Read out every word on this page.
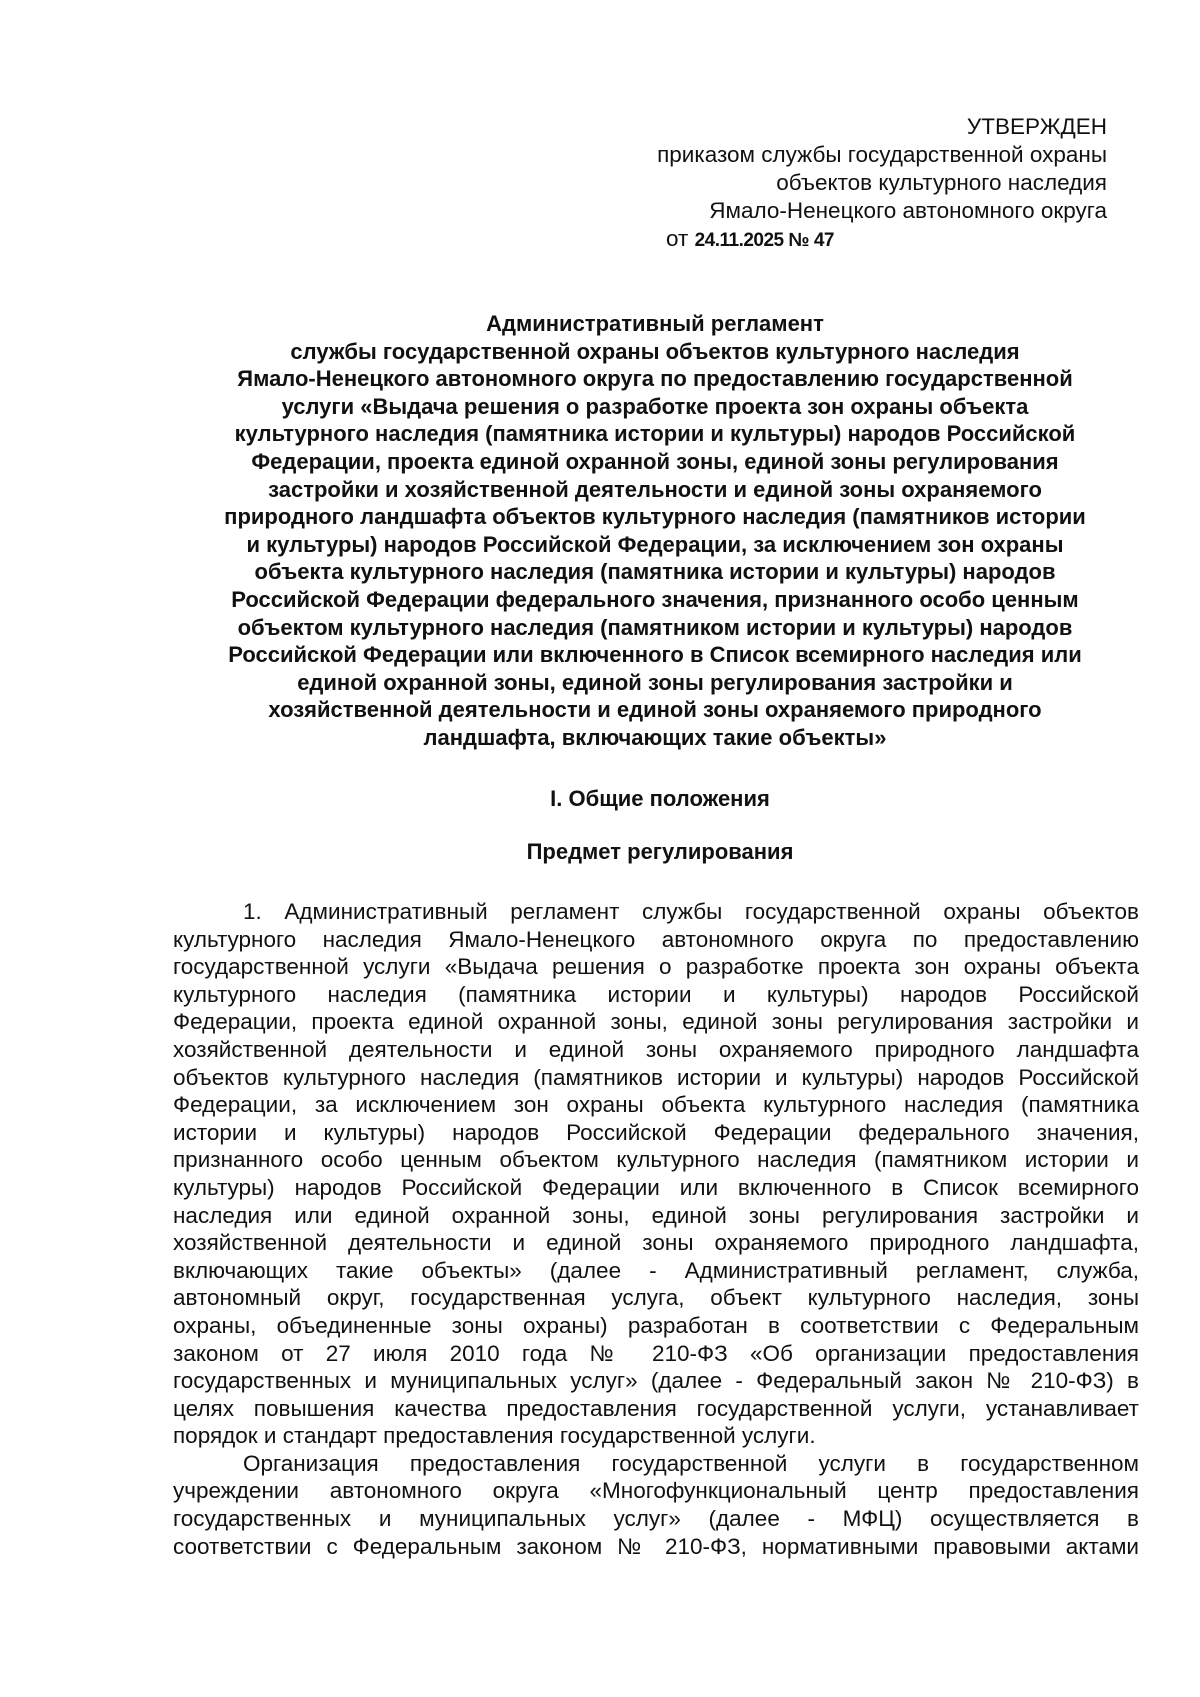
УТВЕРЖДЕН
приказом службы государственной охраны
объектов культурного наследия
Ямало-Ненецкого автономного округа
от 24.11.2025 № 47
Административный регламент
службы государственной охраны объектов культурного наследия
Ямало-Ненецкого автономного округа по предоставлению государственной
услуги «Выдача решения о разработке проекта зон охраны объекта
культурного наследия (памятника истории и культуры) народов Российской
Федерации, проекта единой охранной зоны, единой зоны регулирования
застройки и хозяйственной деятельности и единой зоны охраняемого
природного ландшафта объектов культурного наследия (памятников истории
и культуры) народов Российской Федерации, за исключением зон охраны
объекта культурного наследия (памятника истории и культуры) народов
Российской Федерации федерального значения, признанного особо ценным
объектом культурного наследия (памятником истории и культуры) народов
Российской Федерации или включенного в Список всемирного наследия или
единой охранной зоны, единой зоны регулирования застройки и
хозяйственной деятельности и единой зоны охраняемого природного
ландшафта, включающих такие объекты»
I. Общие положения
Предмет регулирования
1. Административный регламент службы государственной охраны объектов
культурного наследия Ямало-Ненецкого автономного округа по предоставлению
государственной услуги «Выдача решения о разработке проекта зон охраны объекта
культурного наследия (памятника истории и культуры) народов Российской
Федерации, проекта единой охранной зоны, единой зоны регулирования застройки и
хозяйственной деятельности и единой зоны охраняемого природного ландшафта
объектов культурного наследия (памятников истории и культуры) народов Российской
Федерации, за исключением зон охраны объекта культурного наследия (памятника
истории и культуры) народов Российской Федерации федерального значения,
признанного особо ценным объектом культурного наследия (памятником истории и
культуры) народов Российской Федерации или включенного в Список всемирного
наследия или единой охранной зоны, единой зоны регулирования застройки и
хозяйственной деятельности и единой зоны охраняемого природного ландшафта,
включающих такие объекты» (далее - Административный регламент, служба,
автономный округ, государственная услуга, объект культурного наследия, зоны
охраны, объединенные зоны охраны) разработан в соответствии с Федеральным
законом от 27 июля 2010 года № 210-ФЗ «Об организации предоставления
государственных и муниципальных услуг» (далее - Федеральный закон № 210-ФЗ) в
целях повышения качества предоставления государственной услуги, устанавливает
порядок и стандарт предоставления государственной услуги.
Организация предоставления государственной услуги в государственном
учреждении автономного округа «Многофункциональный центр предоставления
государственных и муниципальных услуг» (далее - МФЦ) осуществляется в
соответствии с Федеральным законом № 210-ФЗ, нормативными правовыми актами
